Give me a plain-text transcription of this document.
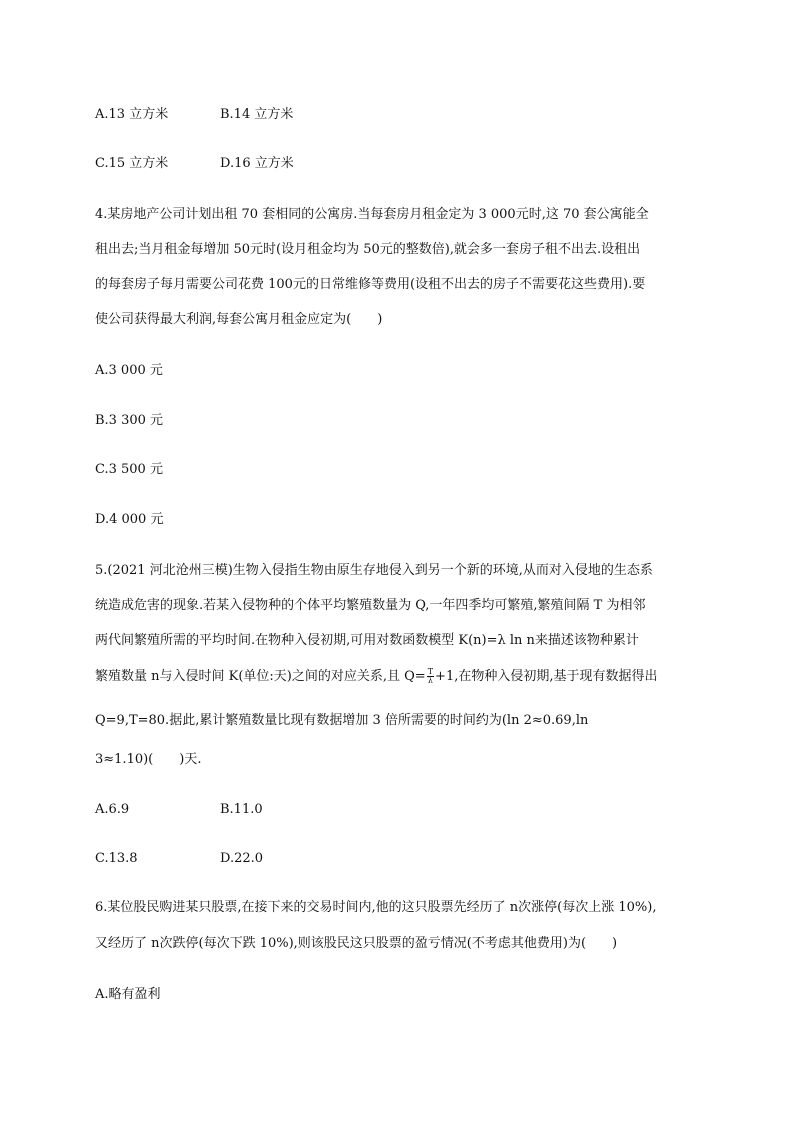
A.13 立方米	B.14 立方米
C.15 立方米	D.16 立方米
4.某房地产公司计划出租 70 套相同的公寓房.当每套房月租金定为 3 000元时,这 70 套公寓能全
租出去;当月租金每增加 50元时(设月租金均为 50元的整数倍),就会多一套房子租不出去.设租出
的每套房子每月需要公司花费 100元的日常维修等费用(设租不出去的房子不需要花这些费用).要
使公司获得最大利润,每套公寓月租金应定为(　　)
A.3 000 元
B.3 300 元
C.3 500 元
D.4 000 元
5.(2021 河北沧州三模)生物入侵指生物由原生存地侵入到另一个新的环境,从而对入侵地的生态系
统造成危害的现象.若某入侵物种的个体平均繁殖数量为 Q,一年四季均可繁殖,繁殖间隔 T 为相邻
两代间繁殖所需的平均时间.在物种入侵初期,可用对数函数模型 K(n)=λ ln n来描述该物种累计
繁殖数量 n与入侵时间 K(单位:天)之间的对应关系,且 $Q= \frac{T}{\lambda} +1$,在物种入侵初期,基于现有数据得出
Q=9,T=80.据此,累计繁殖数量比现有数据增加 3 倍所需要的时间约为(ln 2≈0.69,ln
3≈1.10)(　　)天.
A.6.9	B.11.0
C.13.8	D.22.0
6.某位股民购进某只股票,在接下来的交易时间内,他的这只股票先经历了 n次涨停(每次上涨 10%),
又经历了 n次跌停(每次下跌 10%),则该股民这只股票的盈亏情况(不考虑其他费用)为(　　)
A.略有盈利
